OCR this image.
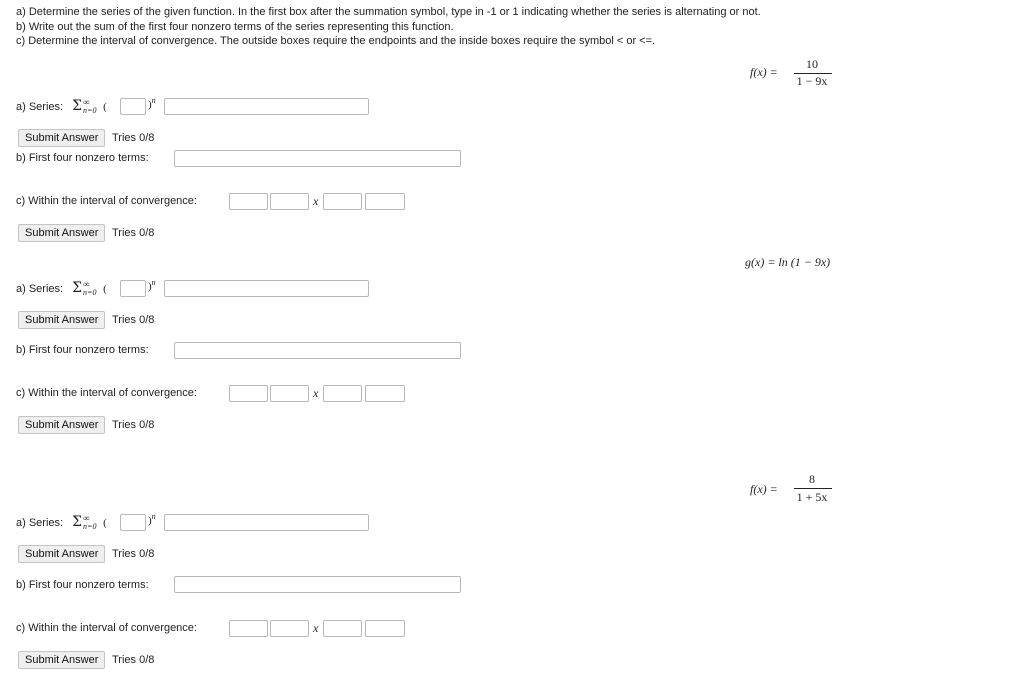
a) Determine the series of the given function. In the first box after the summation symbol, type in -1 or 1 indicating whether the series is alternating or not.
b) Write out the sum of the first four nonzero terms of the series representing this function.
c) Determine the interval of convergence. The outside boxes require the endpoints and the inside boxes require the symbol < or <=.
f(x) =
10
1 − 9x
a) Series: Σ ∞
n=0 (	)$^n$
Submit Answer	Tries 0/8
b) First four nonzero terms:
c) Within the interval of convergence:	x
Submit Answer	Tries 0/8
g(x) = ln (1 − 9x)
a) Series: Σ ∞
n=0 (	)$^n$
Submit Answer	Tries 0/8
b) First four nonzero terms:
c) Within the interval of convergence:	x
Submit Answer	Tries 0/8
f(x) =
8
1 + 5x
a) Series: Σ ∞
n=0 (	)$^n$
Submit Answer	Tries 0/8
b) First four nonzero terms:
c) Within the interval of convergence:	x
Submit Answer	Tries 0/8
